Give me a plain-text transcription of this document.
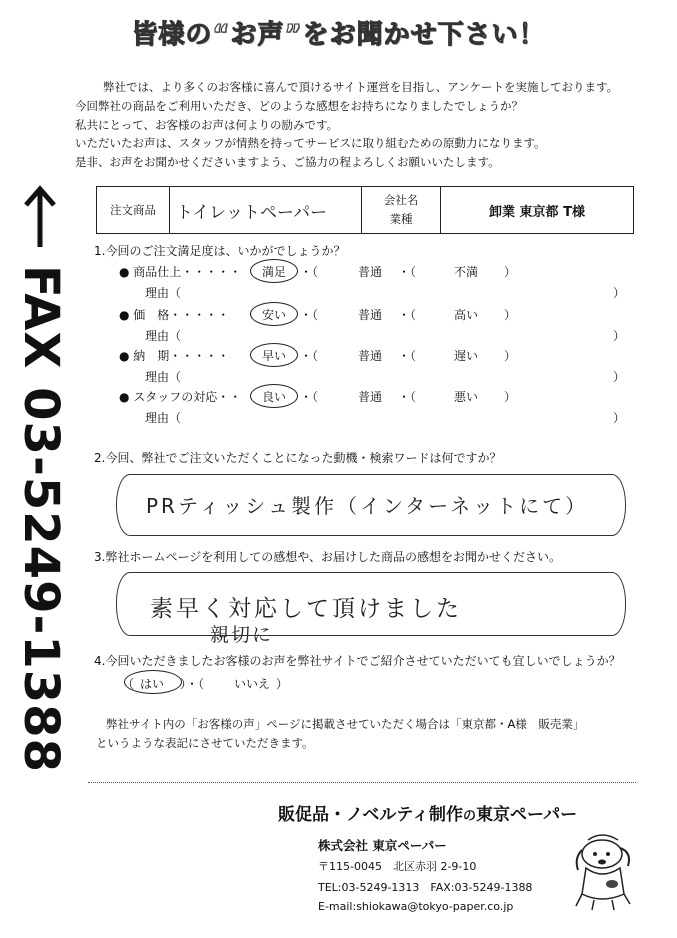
皆様の“お声”をお聞かせ下さい！
弊社では、より多くのお客様に喜んで頂けるサイト運営を目指し、アンケートを実施しております。
今回弊社の商品をご利用いただき、どのような感想をお持ちになりましたでしょうか？
私共にとって、お客様のお声は何よりの励みです。
いただいたお声は、スタッフが情熱を持ってサービスに取り組むための原動力になります。
是非、お声をお聞かせくださいますよう、ご協力の程よろしくお願いいたします。
FAX 03-5249-1388
注文商品	トイレットペーパー	
会社名
業種	卸業 東京都 T様
1.今回のご注文満足度は、いかがでしょうか？
● 商品仕上・・・・・ 満足 ・（　　 普通 ・（　　 不満 　　）
理由（	）
● 価　格・・・・・	安い ・（　　 普通 ・（　　 高い 　　）
理由（	）
● 納　期・・・・・	早い ・（　　 普通 ・（　　 遅い 　　）
理由（	）
● スタッフの対応・・ 良い ・（　　 普通 ・（　　 悪い 　　）
理由（	）
2.今回、弊社でご注文いただくことになった動機・検索ワードは何ですか？
PRティッシュ製作（インターネットにて）
3.弊社ホームページを利用しての感想や、お届けした商品の感想をお聞かせください。
素早く対応して頂けました
親切に
4.今回いただきましたお客様のお声を弊社サイトでご紹介させていただいても宜しいでしょうか？
（ はい ）・（ いいえ ）
弊社サイト内の「お客様の声」ページに掲載させていただく場合は「東京都・A様　販売業」
というような表記にさせていただきます。
販促品・ノベルティ制作の東京ペーパー
株式会社 東京ペーパー
〒115-0045　北区赤羽 2-9-10
TEL:03-5249-1313　FAX:03-5249-1388
E-mail:shiokawa@tokyo-paper.co.jp
